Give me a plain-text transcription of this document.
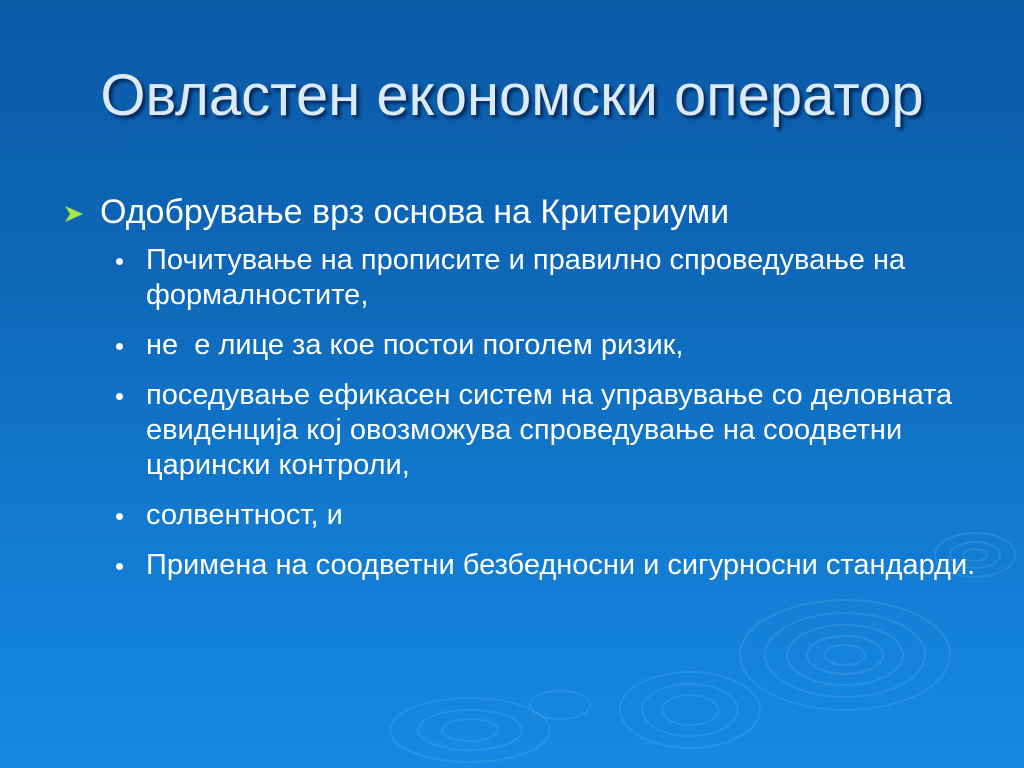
Овластен економски оператор
Одобрување врз основа на Критериуми
Почитување на прописите и правилно спроведување на формалностите,
не  е лице за кое постои поголем ризик,
поседување ефикасен систем на управување со деловната евиденција кој овозможува спроведување на соодветни царински контроли,
солвентност, и
Примена на соодветни безбедносни и сигурносни стандарди.
